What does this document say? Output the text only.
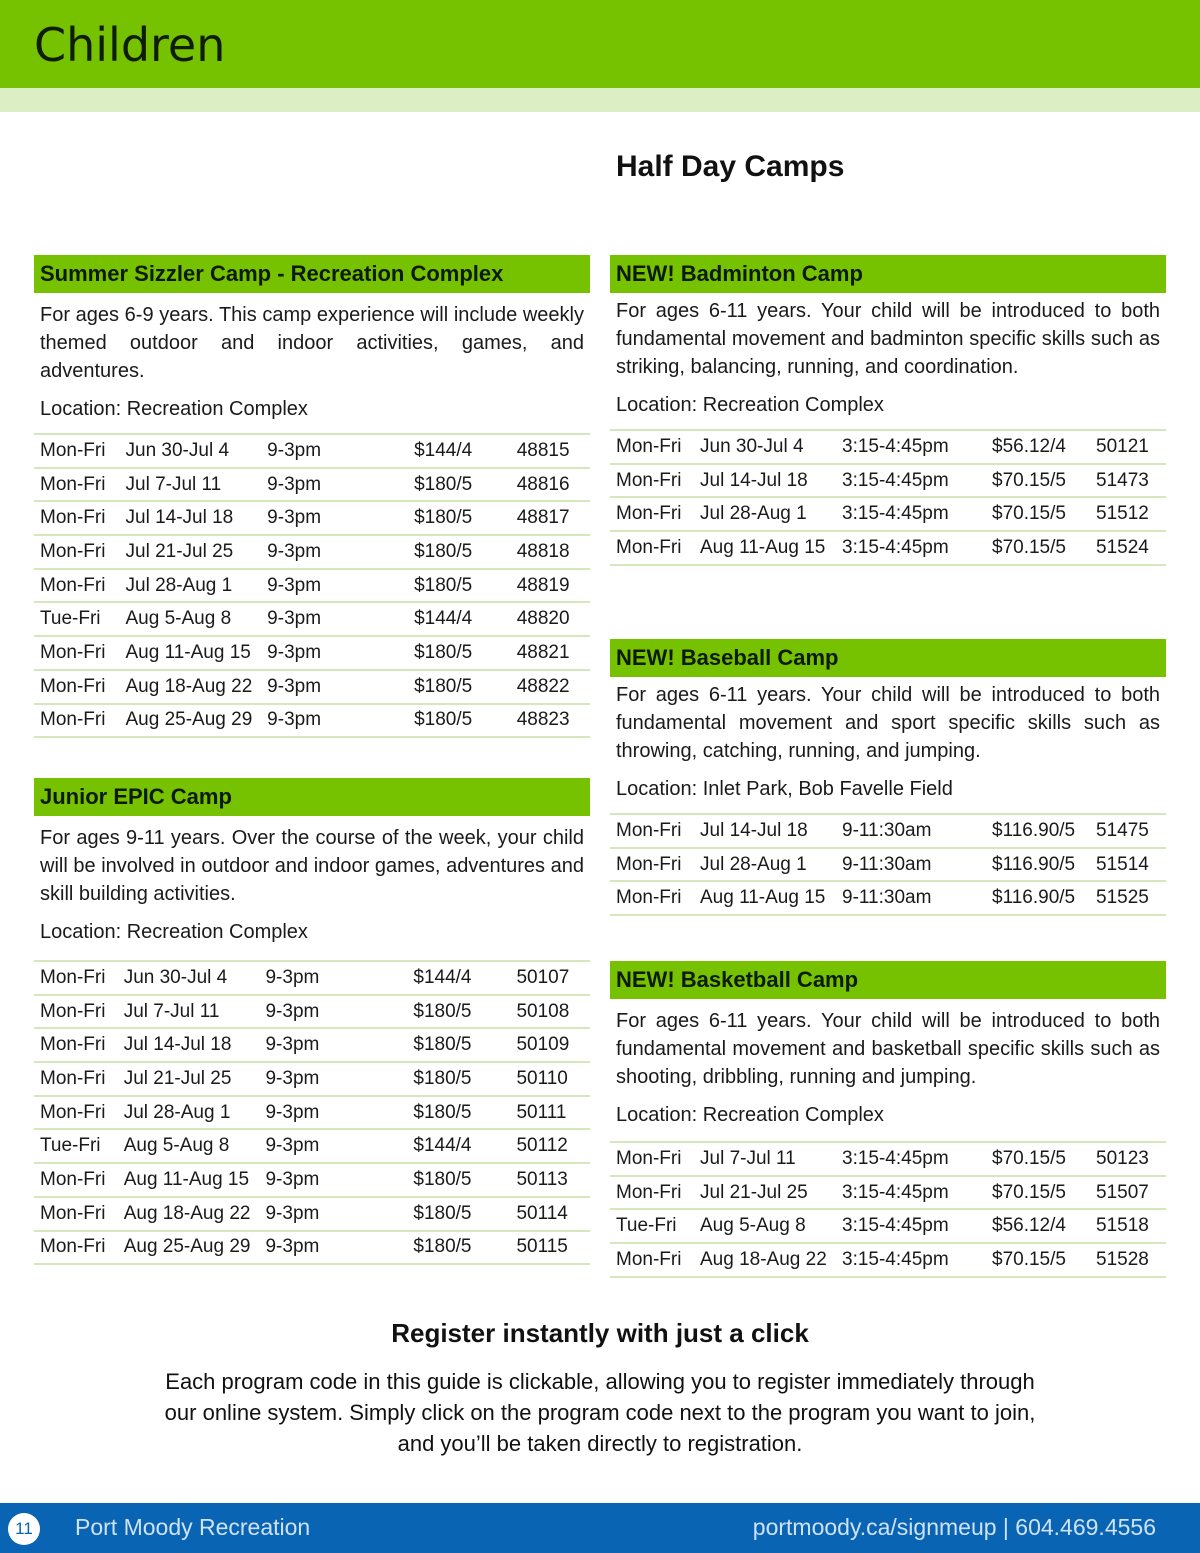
Children
Half Day Camps
Summer Sizzler Camp - Recreation Complex
For ages 6-9 years. This camp experience will include weekly themed outdoor and indoor activities, games, and adventures.
Location: Recreation Complex
Mon-Fri	Jun 30-Jul 4	9-3pm	$144/4	48815
Mon-Fri	Jul 7-Jul 11	9-3pm	$180/5	48816
Mon-Fri	Jul 14-Jul 18	9-3pm	$180/5	48817
Mon-Fri	Jul 21-Jul 25	9-3pm	$180/5	48818
Mon-Fri	Jul 28-Aug 1	9-3pm	$180/5	48819
Tue-Fri	Aug 5-Aug 8	9-3pm	$144/4	48820
Mon-Fri	Aug 11-Aug 15	9-3pm	$180/5	48821
Mon-Fri	Aug 18-Aug 22	9-3pm	$180/5	48822
Mon-Fri	Aug 25-Aug 29	9-3pm	$180/5	48823
Junior EPIC Camp
For ages 9-11 years. Over the course of the week, your child will be involved in outdoor and indoor games, adventures and skill building activities.
Location: Recreation Complex
Mon-Fri	Jun 30-Jul 4	9-3pm	$144/4	50107
Mon-Fri	Jul 7-Jul 11	9-3pm	$180/5	50108
Mon-Fri	Jul 14-Jul 18	9-3pm	$180/5	50109
Mon-Fri	Jul 21-Jul 25	9-3pm	$180/5	50110
Mon-Fri	Jul 28-Aug 1	9-3pm	$180/5	50111
Tue-Fri	Aug 5-Aug 8	9-3pm	$144/4	50112
Mon-Fri	Aug 11-Aug 15	9-3pm	$180/5	50113
Mon-Fri	Aug 18-Aug 22	9-3pm	$180/5	50114
Mon-Fri	Aug 25-Aug 29	9-3pm	$180/5	50115
NEW! Badminton Camp
For ages 6-11 years. Your child will be introduced to both fundamental movement and badminton specific skills such as striking, balancing, running, and coordination.
Location: Recreation Complex
Mon-Fri	Jun 30-Jul 4	3:15-4:45pm	$56.12/4	50121
Mon-Fri	Jul 14-Jul 18	3:15-4:45pm	$70.15/5	51473
Mon-Fri	Jul 28-Aug 1	3:15-4:45pm	$70.15/5	51512
Mon-Fri	Aug 11-Aug 15	3:15-4:45pm	$70.15/5	51524
NEW! Baseball Camp
For ages 6-11 years. Your child will be introduced to both fundamental movement and sport specific skills such as throwing, catching, running, and jumping.
Location: Inlet Park, Bob Favelle Field
Mon-Fri	Jul 14-Jul 18	9-11:30am	$116.90/5	51475
Mon-Fri	Jul 28-Aug 1	9-11:30am	$116.90/5	51514
Mon-Fri	Aug 11-Aug 15	9-11:30am	$116.90/5	51525
NEW! Basketball Camp
For ages 6-11 years. Your child will be introduced to both fundamental movement and basketball specific skills such as shooting, dribbling, running and jumping.
Location: Recreation Complex
Mon-Fri	Jul 7-Jul 11	3:15-4:45pm	$70.15/5	50123
Mon-Fri	Jul 21-Jul 25	3:15-4:45pm	$70.15/5	51507
Tue-Fri	Aug 5-Aug 8	3:15-4:45pm	$56.12/4	51518
Mon-Fri	Aug 18-Aug 22	3:15-4:45pm	$70.15/5	51528
Register instantly with just a click
Each program code in this guide is clickable, allowing you to register immediately through our online system. Simply click on the program code next to the program you want to join, and you’ll be taken directly to registration.
11	Port Moody Recreation	portmoody.ca/signmeup | 604.469.4556
